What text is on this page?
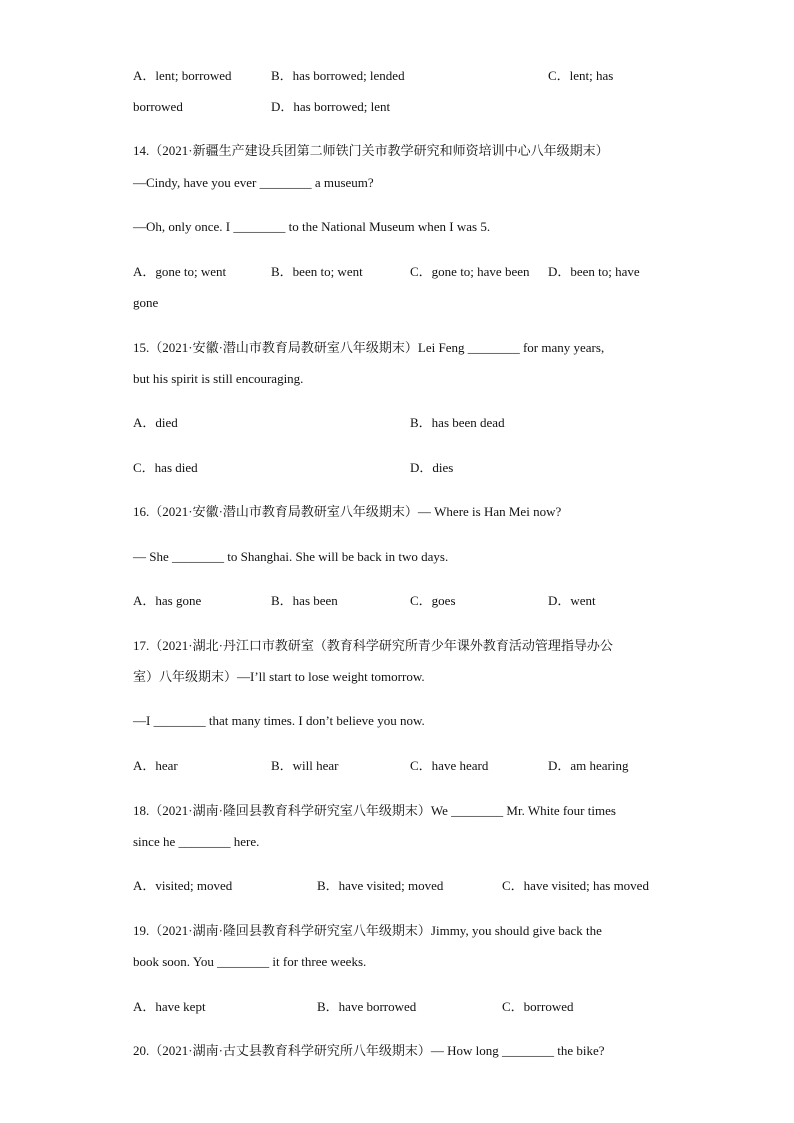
A．lent; borrowed	B．has borrowed; lended	C．lent; has
borrowed	D．has borrowed; lent
14.（2021·新疆生产建设兵团第二师铁门关市教学研究和师资培训中心八年级期末）
—Cindy, have you ever ________ a museum?
—Oh, only once. I ________ to the National Museum when I was 5.
A．gone to; went	B．been to; went	C．gone to; have been D．been to; have
gone
15.（2021·安徽·潜山市教育局教研室八年级期末）Lei Feng ________ for many years,
but his spirit is still encouraging.
A．died	B．has been dead
C．has died	D．dies
16.（2021·安徽·潜山市教育局教研室八年级期末）— Where is Han Mei now?
— She ________ to Shanghai. She will be back in two days.
A．has gone	B．has been	C．goes	D．went
17.（2021·湖北·丹江口市教研室（教育科学研究所青少年课外教育活动管理指导办公
室）八年级期末）—I’ll start to lose weight tomorrow.
—I ________ that many times. I don’t believe you now.
A．hear	B．will hear	C．have heard	D．am hearing
18.（2021·湖南·隆回县教育科学研究室八年级期末）We ________ Mr. White four times
since he ________ here.
A．visited; moved	B．have visited; moved	C．have visited; has moved
19.（2021·湖南·隆回县教育科学研究室八年级期末）Jimmy, you should give back the
book soon. You ________ it for three weeks.
A．have kept	B．have borrowed	C．borrowed
20.（2021·湖南·古丈县教育科学研究所八年级期末）— How long ________ the bike?
